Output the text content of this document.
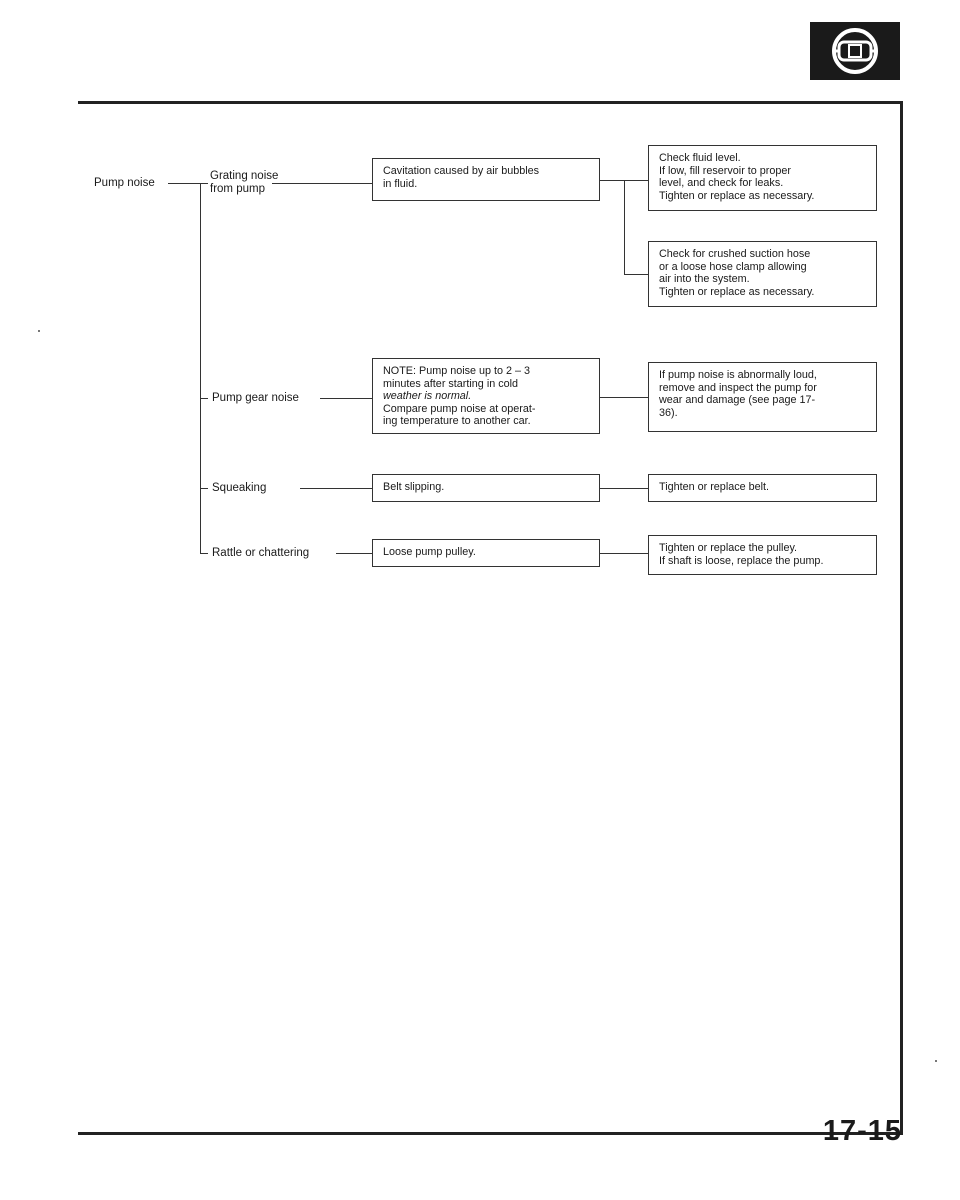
Pump noise
Grating noise
from pump
Pump gear noise
Squeaking
Rattle or chattering

Cavitation caused by air bubbles

in fluid.

NOTE: Pump noise up to 2 – 3

minutes after starting in cold

weather is normal.

Compare pump noise at operat-

ing temperature to another car.

Belt slipping.

Loose pump pulley.

Check fluid level.

If low, fill reservoir to proper

level, and check for leaks.

Tighten or replace as necessary.

Check for crushed suction hose

or a loose hose clamp allowing

air into the system.

Tighten or replace as necessary.

If pump noise is abnormally loud,

remove and inspect the pump for

wear and damage (see page 17-

36).

Tighten or replace belt.

Tighten or replace the pulley.

If shaft is loose, replace the pump.

17-15
